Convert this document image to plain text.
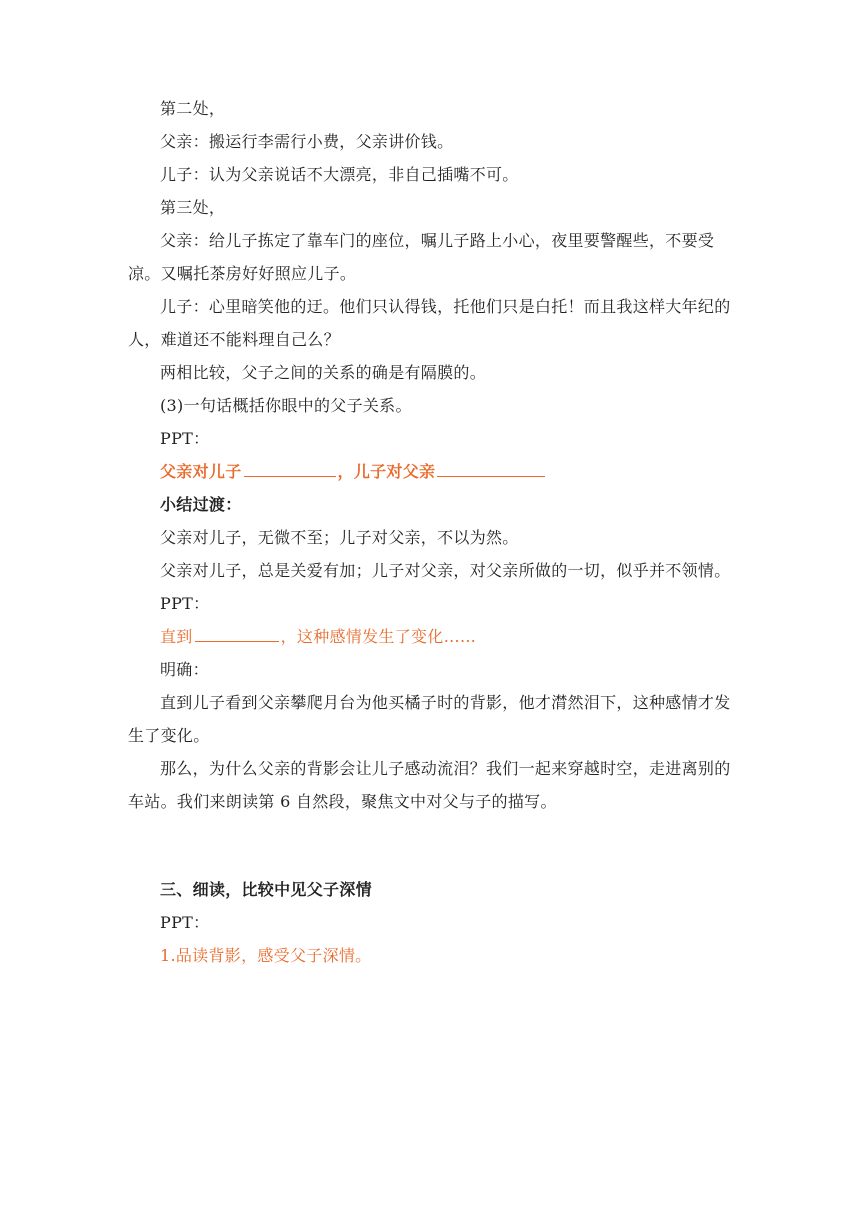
第二处，

父亲：搬运行李需行小费，父亲讲价钱。

儿子：认为父亲说话不大漂亮，非自己插嘴不可。

第三处，

父亲：给儿子拣定了靠车门的座位，嘱儿子路上小心，夜里要警醒些，不要受凉。又嘱托茶房好好照应儿子。

儿子：心里暗笑他的迂。他们只认得钱，托他们只是白托！而且我这样大年纪的人，难道还不能料理自己么？

两相比较，父子之间的关系的确是有隔膜的。

(3)一句话概括你眼中的父子关系。

PPT：

父亲对儿子	，儿子对父亲

小结过渡：

父亲对儿子，无微不至；儿子对父亲，不以为然。

父亲对儿子，总是关爱有加；儿子对父亲，对父亲所做的一切，似乎并不领情。

PPT：

直到	，这种感情发生了变化……

明确：

直到儿子看到父亲攀爬月台为他买橘子时的背影，他才潸然泪下，这种感情才发生了变化。

那么，为什么父亲的背影会让儿子感动流泪？我们一起来穿越时空，走进离别的车站。我们来朗读第 6 自然段，聚焦文中对父与子的描写。

三、细读，比较中见父子深情

PPT：

1.品读背影，感受父子深情。
